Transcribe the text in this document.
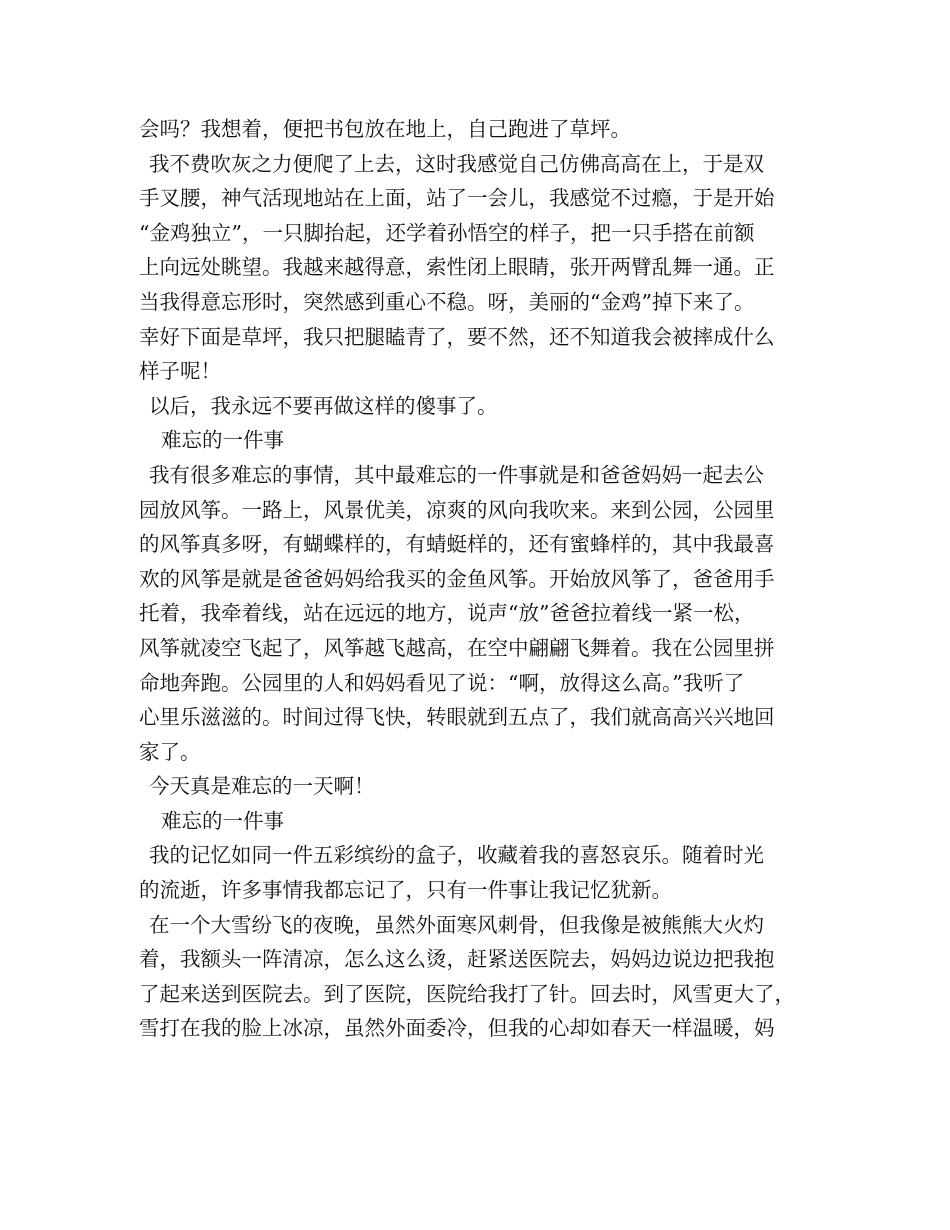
会吗？我想着，便把书包放在地上，自己跑进了草坪。
我不费吹灰之力便爬了上去，这时我感觉自己仿佛高高在上，于是双
手叉腰，神气活现地站在上面，站了一会儿，我感觉不过瘾，于是开始
“金鸡独立”，一只脚抬起，还学着孙悟空的样子，把一只手搭在前额
上向远处眺望。我越来越得意，索性闭上眼睛，张开两臂乱舞一通。正
当我得意忘形时，突然感到重心不稳。呀，美丽的“金鸡”掉下来了。
幸好下面是草坪，我只把腿瞌青了，要不然，还不知道我会被摔成什么
样子呢！
以后，我永远不要再做这样的傻事了。
难忘的一件事
我有很多难忘的事情，其中最难忘的一件事就是和爸爸妈妈一起去公
园放风筝。一路上，风景优美，凉爽的风向我吹来。来到公园，公园里
的风筝真多呀，有蝴蝶样的，有蜻蜓样的，还有蜜蜂样的，其中我最喜
欢的风筝是就是爸爸妈妈给我买的金鱼风筝。开始放风筝了，爸爸用手
托着，我牵着线，站在远远的地方，说声“放”爸爸拉着线一紧一松，
风筝就凌空飞起了，风筝越飞越高，在空中翩翩飞舞着。我在公园里拼
命地奔跑。公园里的人和妈妈看见了说：“啊，放得这么高。”我听了
心里乐滋滋的。时间过得飞快，转眼就到五点了，我们就高高兴兴地回
家了。
今天真是难忘的一天啊！
难忘的一件事
我的记忆如同一件五彩缤纷的盒子，收藏着我的喜怒哀乐。随着时光
的流逝，许多事情我都忘记了，只有一件事让我记忆犹新。
在一个大雪纷飞的夜晚，虽然外面寒风刺骨，但我像是被熊熊大火灼
着，我额头一阵清凉，怎么这么烫，赶紧送医院去，妈妈边说边把我抱
了起来送到医院去。到了医院，医院给我打了针。回去时，风雪更大了，
雪打在我的脸上冰凉，虽然外面委冷，但我的心却如春天一样温暖，妈
